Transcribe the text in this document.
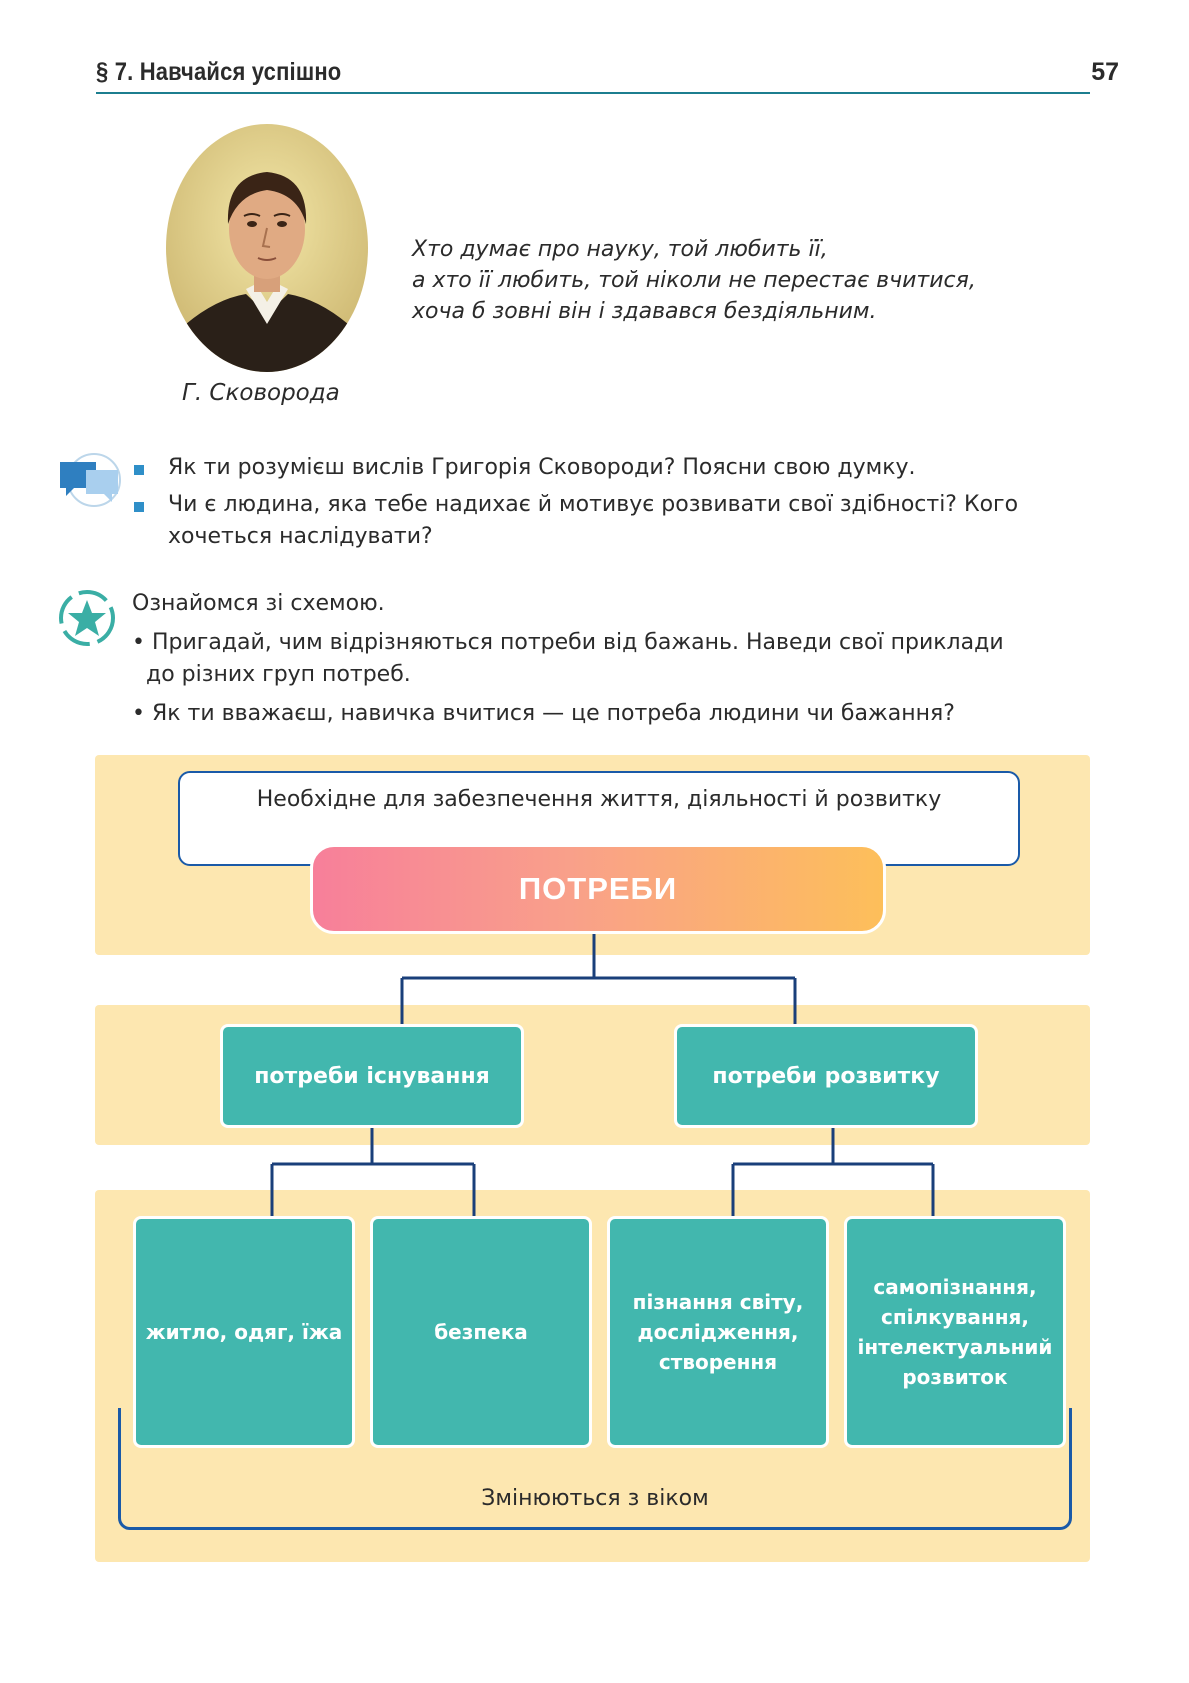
§ 7. Навчайся успішно	57
Г. Сковорода
Хто думає про науку, той любить її,
а хто її любить, той ніколи не перестає вчитися,
хоча б зовні він і здавався бездіяльним.
Як ти розумієш вислів Григорія Сковороди? Поясни свою думку.
Чи є людина, яка тебе надихає й мотивує розвивати свої здібності? Кого
хочеться наслідувати?
Ознайомся зі схемою.
• Пригадай, чим відрізняються потреби від бажань. Наведи свої приклади
до різних груп потреб.
• Як ти вважаєш, навичка вчитися — це потреба людини чи бажання?
Необхідне для забезпечення життя, діяльності й розвитку
ПОТРЕБИ
потреби існування	потреби розвитку
Змінюються з віком
житло, одяг, їжа	безпека
пізнання світу,
дослідження,
створення
самопізнання,
спілкування,
інтелектуальний
розвиток
